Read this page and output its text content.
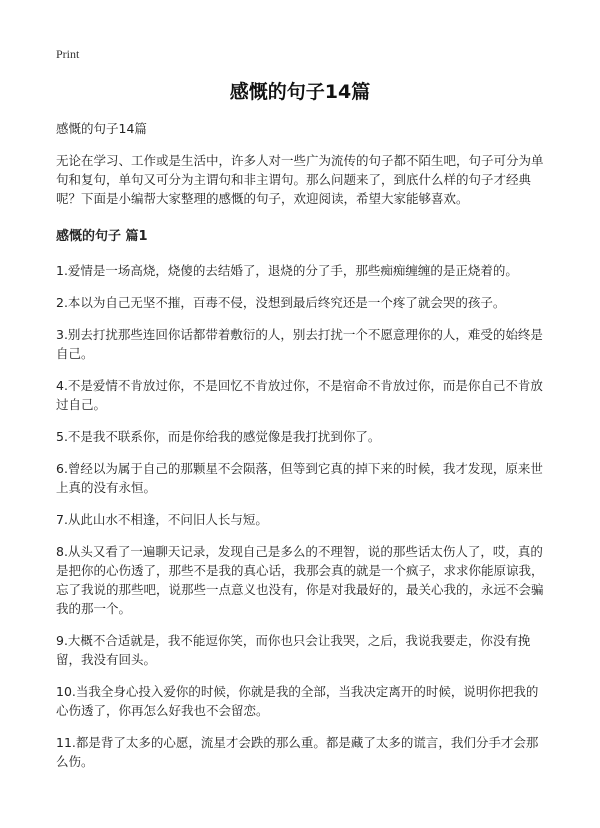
Print
感慨的句子14篇

感慨的句子14篇

无论在学习、工作或是生活中，许多人对一些广为流传的句子都不陌生吧，句子可分为单句和复句，单句又可分为主谓句和非主谓句。那么问题来了，到底什么样的句子才经典呢？下面是小编帮大家整理的感慨的句子，欢迎阅读，希望大家能够喜欢。

感慨的句子 篇1

1.爱情是一场高烧，烧傻的去结婚了，退烧的分了手，那些痴痴缠缠的是正烧着的。

2.本以为自己无坚不摧，百毒不侵，没想到最后终究还是一个疼了就会哭的孩子。

3.别去打扰那些连回你话都带着敷衍的人，别去打扰一个不愿意理你的人，难受的始终是自己。

4.不是爱情不肯放过你，不是回忆不肯放过你，不是宿命不肯放过你，而是你自己不肯放过自己。

5.不是我不联系你，而是你给我的感觉像是我打扰到你了。

6.曾经以为属于自己的那颗星不会陨落，但等到它真的掉下来的时候，我才发现，原来世上真的没有永恒。

7.从此山水不相逢，不问旧人长与短。

8.从头又看了一遍聊天记录，发现自己是多么的不理智，说的那些话太伤人了，哎，真的是把你的心伤透了，那些不是我的真心话，我那会真的就是一个疯子，求求你能原谅我，忘了我说的那些吧，说那些一点意义也没有，你是对我最好的，最关心我的，永远不会骗我的那一个。

9.大概不合适就是，我不能逗你笑，而你也只会让我哭，之后，我说我要走，你没有挽留，我没有回头。

10.当我全身心投入爱你的时候，你就是我的全部，当我决定离开的时候，说明你把我的心伤透了，你再怎么好我也不会留恋。

11.都是背了太多的心愿，流星才会跌的那么重。都是藏了太多的谎言，我们分手才会那么伤。
